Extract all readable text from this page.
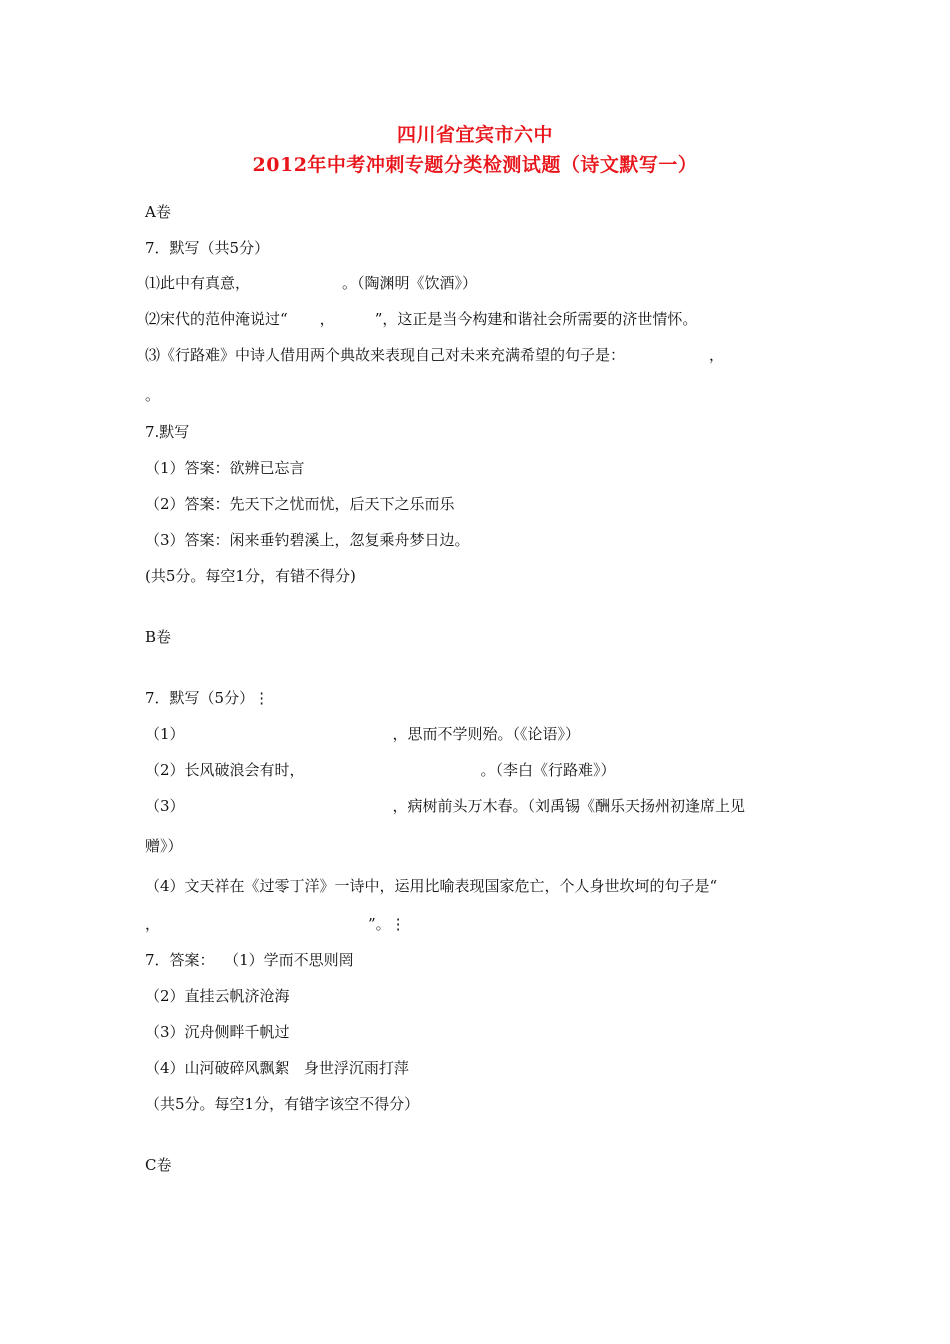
四川省宜宾市六中
2012年中考冲刺专题分类检测试题（诗文默写一）
A卷
7．默写（共5分）
⑴此中有真意，	。（陶渊明《饮酒》）
⑵宋代的范仲淹说过“ ，	”，这正是当今构建和谐社会所需要的济世情怀。
⑶《行路难》中诗人借用两个典故来表现自己对未来充满希望的句子是：	，
。
7.默写
（1）答案：欲辨已忘言
（2）答案：先天下之忧而忧，后天下之乐而乐
（3）答案：闲来垂钓碧溪上，忽复乘舟梦日边。
(共5分。每空1分，有错不得分)
B卷
7．默写（5分）⋮
（1）	，思而不学则殆。（《论语》）
（2）长风破浪会有时，	。（李白《行路难》）
（3）	，病树前头万木春。（刘禹锡《酬乐天扬州初逢席上见
赠》）
（4）文天祥在《过零丁洋》一诗中，运用比喻表现国家危亡，个人身世坎坷的句子是“
，	”。⋮
7．答案：  （1）学而不思则罔
（2）直挂云帆济沧海
（3）沉舟侧畔千帆过
（4）山河破碎风飘絮   身世浮沉雨打萍
（共5分。每空1分，有错字该空不得分）
C卷
